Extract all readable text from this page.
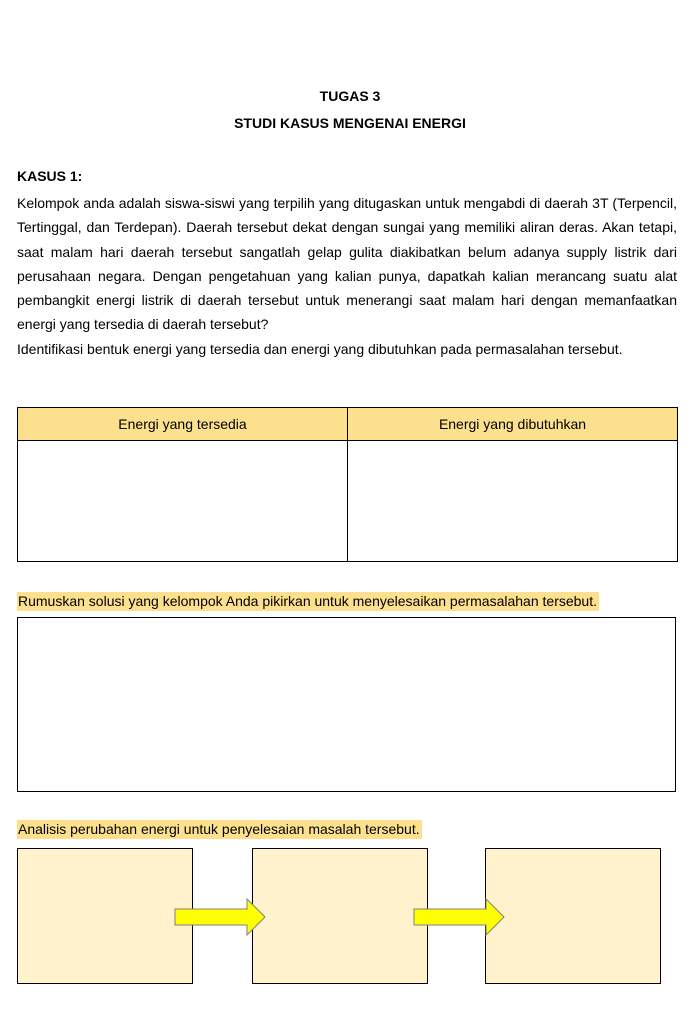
TUGAS 3
STUDI KASUS MENGENAI ENERGI
KASUS 1:

Kelompok anda adalah siswa-siswi yang terpilih yang ditugaskan untuk mengabdi di daerah 3T (Terpencil, Tertinggal, dan Terdepan). Daerah tersebut dekat dengan sungai yang memiliki aliran deras. Akan tetapi, saat malam hari daerah tersebut sangatlah gelap gulita diakibatkan belum adanya supply listrik dari perusahaan negara. Dengan pengetahuan yang kalian punya, dapatkah kalian merancang suatu alat pembangkit energi listrik di daerah tersebut untuk menerangi saat malam hari dengan memanfaatkan energi yang tersedia di daerah tersebut?

Identifikasi bentuk energi yang tersedia dan energi yang dibutuhkan pada permasalahan tersebut.

Energi yang tersedia	Energi yang dibutuhkan

Rumuskan solusi yang kelompok Anda pikirkan untuk menyelesaikan permasalahan tersebut.
Analisis perubahan energi untuk penyelesaian masalah tersebut.
